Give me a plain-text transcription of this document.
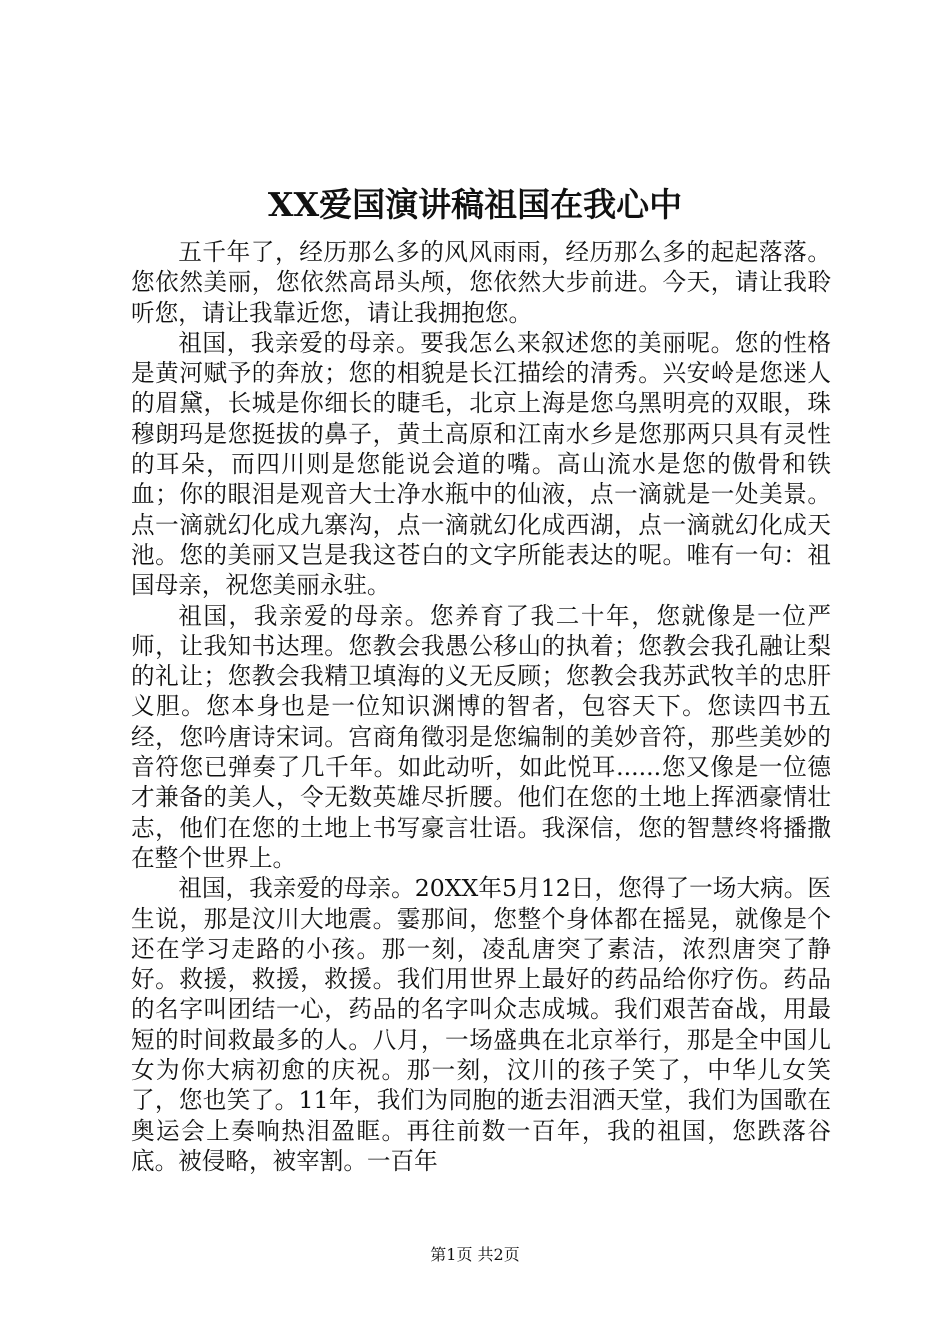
XX爱国演讲稿祖国在我心中

五千年了，经历那么多的风风雨雨，经历那么多的起起落落。您依然美丽，您依然高昂头颅，您依然大步前进。今天，请让我聆听您，请让我靠近您，请让我拥抱您。

祖国，我亲爱的母亲。要我怎么来叙述您的美丽呢。您的性格是黄河赋予的奔放；您的相貌是长江描绘的清秀。兴安岭是您迷人的眉黛，长城是你细长的睫毛，北京上海是您乌黑明亮的双眼，珠穆朗玛是您挺拔的鼻子，黄土高原和江南水乡是您那两只具有灵性的耳朵，而四川则是您能说会道的嘴。高山流水是您的傲骨和铁血；你的眼泪是观音大士净水瓶中的仙液，点一滴就是一处美景。点一滴就幻化成九寨沟，点一滴就幻化成西湖，点一滴就幻化成天池。您的美丽又岂是我这苍白的文字所能表达的呢。唯有一句：祖国母亲，祝您美丽永驻。

祖国，我亲爱的母亲。您养育了我二十年，您就像是一位严师，让我知书达理。您教会我愚公移山的执着；您教会我孔融让梨的礼让；您教会我精卫填海的义无反顾；您教会我苏武牧羊的忠肝义胆。您本身也是一位知识渊博的智者，包容天下。您读四书五经，您吟唐诗宋词。宫商角徵羽是您编制的美妙音符，那些美妙的音符您已弹奏了几千年。如此动听，如此悦耳......您又像是一位德才兼备的美人，令无数英雄尽折腰。他们在您的土地上挥洒豪情壮志，他们在您的土地上书写豪言壮语。我深信，您的智慧终将播撒在整个世界上。

祖国，我亲爱的母亲。20XX年5月12日，您得了一场大病。医生说，那是汶川大地震。霎那间，您整个身体都在摇晃，就像是个还在学习走路的小孩。那一刻，凌乱唐突了素洁，浓烈唐突了静好。救援，救援，救援。我们用世界上最好的药品给你疗伤。药品的名字叫团结一心，药品的名字叫众志成城。我们艰苦奋战，用最短的时间救最多的人。八月，一场盛典在北京举行，那是全中国儿女为你大病初愈的庆祝。那一刻，汶川的孩子笑了，中华儿女笑了，您也笑了。11年，我们为同胞的逝去泪洒天堂，我们为国歌在奥运会上奏响热泪盈眶。再往前数一百年，我的祖国，您跌落谷底。被侵略，被宰割。一百年

第1页 共2页
